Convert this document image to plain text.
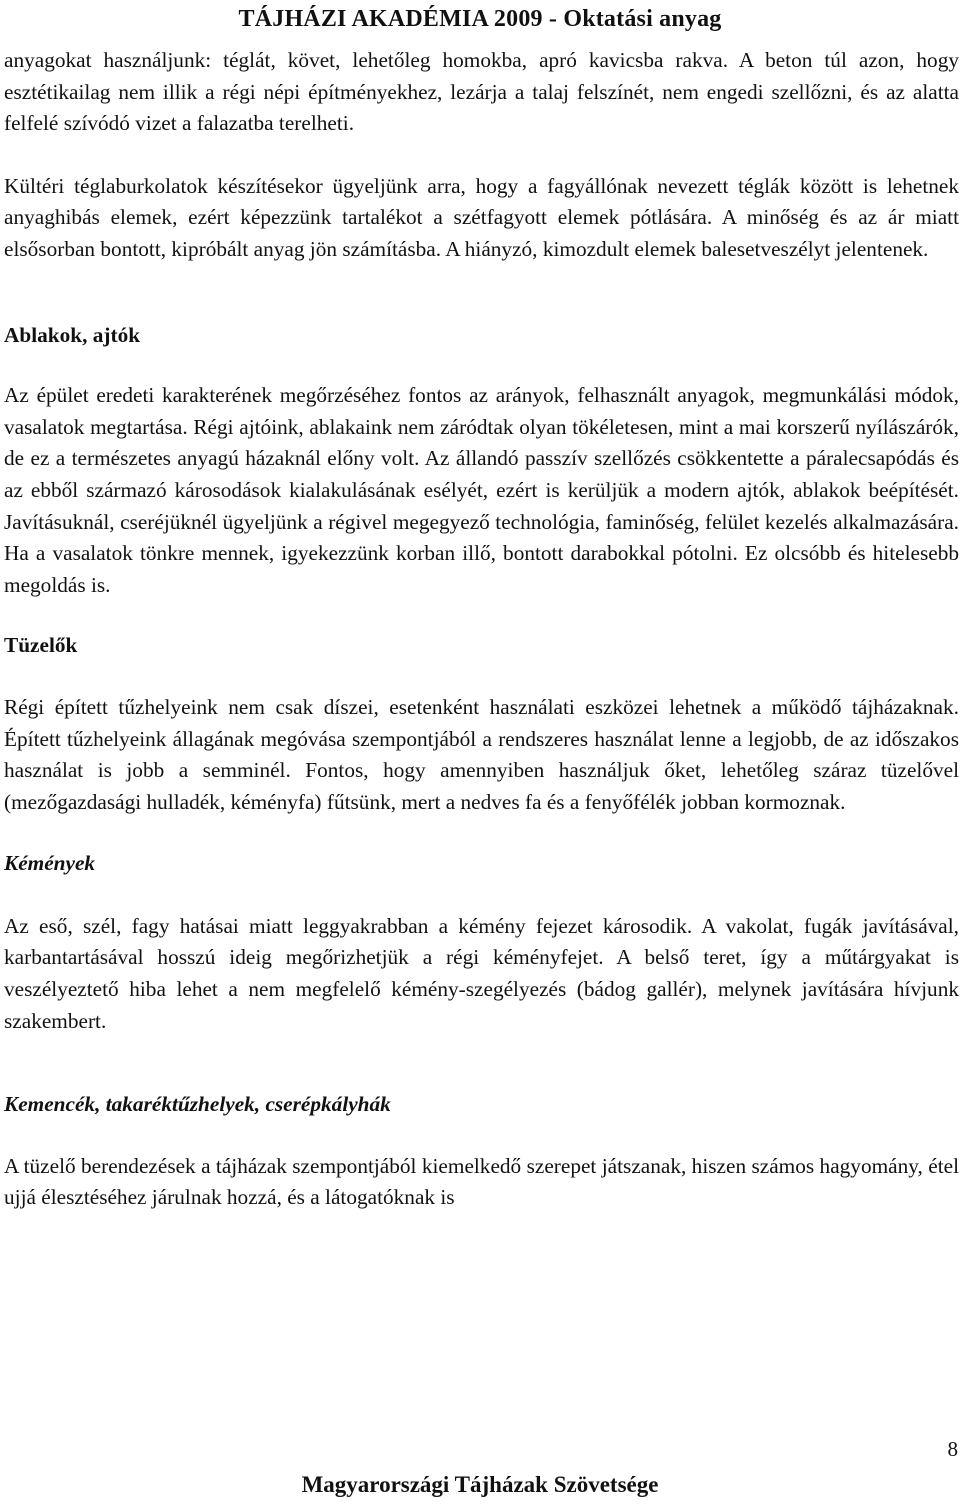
TÁJHÁZI AKADÉMIA 2009 - Oktatási anyag

anyagokat használjunk: téglát, követ, lehetőleg homokba, apró kavicsba rakva. A beton túl azon, hogy esztétikailag nem illik a régi népi építményekhez, lezárja a talaj felszínét, nem engedi szellőzni, és az alatta felfelé szívódó vizet a falazatba terelheti.

Kültéri téglaburkolatok készítésekor ügyeljünk arra, hogy a fagyállónak nevezett téglák között is lehetnek anyaghibás elemek, ezért képezzünk tartalékot a szétfagyott elemek pótlására. A minőség és az ár miatt elsősorban bontott, kipróbált anyag jön számításba. A hiányzó, kimozdult elemek balesetveszélyt jelentenek.

Ablakok, ajtók

Az épület eredeti karakterének megőrzéséhez fontos az arányok, felhasznált anyagok, megmunkálási módok, vasalatok megtartása. Régi ajtóink, ablakaink nem záródtak olyan tökéletesen, mint a mai korszerű nyílászárók, de ez a természetes anyagú házaknál előny volt. Az állandó passzív szellőzés csökkentette a páralecsapódás és az ebből származó károsodások kialakulásának esélyét, ezért is kerüljük a modern ajtók, ablakok beépítését. Javításuknál, cseréjüknél ügyeljünk a régivel megegyező technológia, faminőség, felület kezelés alkalmazására. Ha a vasalatok tönkre mennek, igyekezzünk korban illő, bontott darabokkal pótolni. Ez olcsóbb és hitelesebb megoldás is.

Tüzelők

Régi épített tűzhelyeink nem csak díszei, esetenként használati eszközei lehetnek a működő tájházaknak. Épített tűzhelyeink állagának megóvása szempontjából a rendszeres használat lenne a legjobb, de az időszakos használat is jobb a semminél. Fontos, hogy amennyiben használjuk őket, lehetőleg száraz tüzelővel (mezőgazdasági hulladék, kéményfa) fűtsünk, mert a nedves fa és a fenyőfélék jobban kormoznak.

Kémények

Az eső, szél, fagy hatásai miatt leggyakrabban a kémény fejezet károsodik. A vakolat, fugák javításával, karbantartásával hosszú ideig megőrizhetjük a régi kéményfejet. A belső teret, így a műtárgyakat is veszélyeztető hiba lehet a nem megfelelő kémény-szegélyezés (bádog gallér), melynek javítására hívjunk szakembert.

Kemencék, takaréktűzhelyek, cserépkályhák

A tüzelő berendezések a tájházak szempontjából kiemelkedő szerepet játszanak, hiszen számos hagyomány, étel ujjá élesztéséhez járulnak hozzá, és a látogatóknak is

8
Magyarországi Tájházak Szövetsége
